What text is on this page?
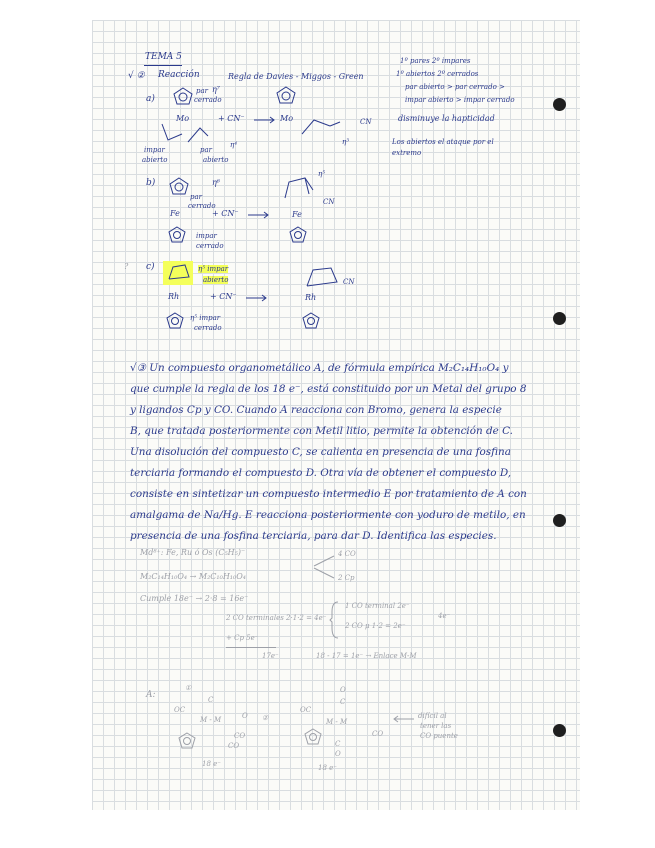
TEMA 5
√ ② Reacción	Regla de Davies - Miggos - Green
1º pares 2º impares
1º abiertos 2º cerrados
par abierto > par cerrado >
impar abierto > impar cerrado
disminuye la hapticidad
Los abiertos el ataque por el
extremo
a)
η⁷
par
cerrado
Mo	+ CN⁻ →
impar
abierto
par
abierto
η⁴
Mo	CN
η³
b)	η⁶
par
cerrado
Fe	+ CN⁻ →
impar
cerrado
η⁵
CN
Fe
? c)	η⁵ impar
abierto
Rh	+ CN⁻ →
η⁵ impar
cerrado
CN
Rh
√③ Un compuesto organometálico A, de fórmula empírica M₂C₁₄H₁₀O₄ y
que cumple la regla de los 18 e⁻, está constituido por un Metal del grupo 8
y ligandos Cp y CO. Cuando A reacciona con Bromo, genera la especie
B, que tratada posteriormente con Metil litio, permite la obtención de C.
Una disolución del compuesto C, se calienta en presencia de una fosfina
terciaria formando el compuesto D. Otra vía de obtener el compuesto D,
consiste en sintetizar un compuesto intermedio E por tratamiento de A con
amalgama de Na/Hg. E reacciona posteriormente con yoduro de metilo, en
presencia de una fosfina terciaria, para dar D. Identifica las especies.
Md⁸⁺: Fe, Ru ó Os (C₅H₅)⁻
M₂C₁₄H₁₀O₄ → M₂C₁₀H₁₀O₄
4 CO
2 Cp
Cumple 18e⁻ → 2·8 = 16e⁻
2 CO terminales 2·1·2 = 4e⁻
1 CO terminal 2e⁻
2 CO μ 1·2 = 2e⁻
4e⁻
+ Cp 5e⁻
17e⁻	18 - 17 = 1e⁻ → Enlace M-M
A:
①
OC
C
M - M	O
CO
CO
18 e⁻
②
OC
C
O
M - M
CO
C
O
18 e⁻
difícil al
tener las
CO puente
